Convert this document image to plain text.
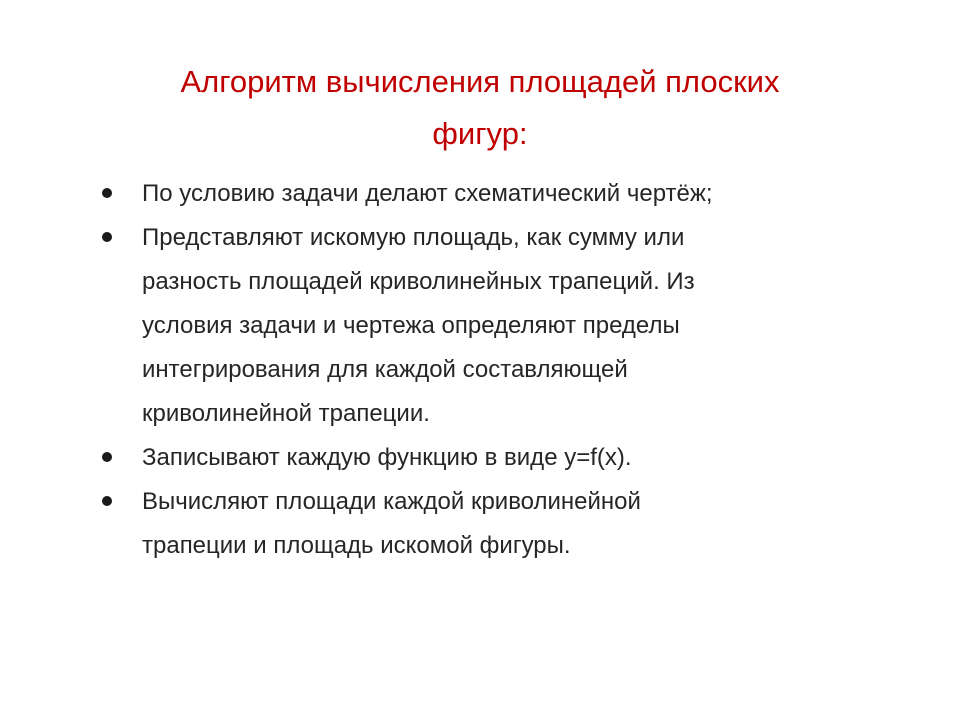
Алгоритм вычисления площадей плоских
фигур:
По условию задачи делают схематический чертёж;
Представляют искомую площадь, как сумму или
разность площадей криволинейных трапеций. Из
условия задачи и чертежа определяют пределы
интегрирования для каждой составляющей
криволинейной трапеции.
Записывают каждую функцию в виде y=f(x).
Вычисляют площади каждой криволинейной
трапеции и площадь искомой фигуры.
